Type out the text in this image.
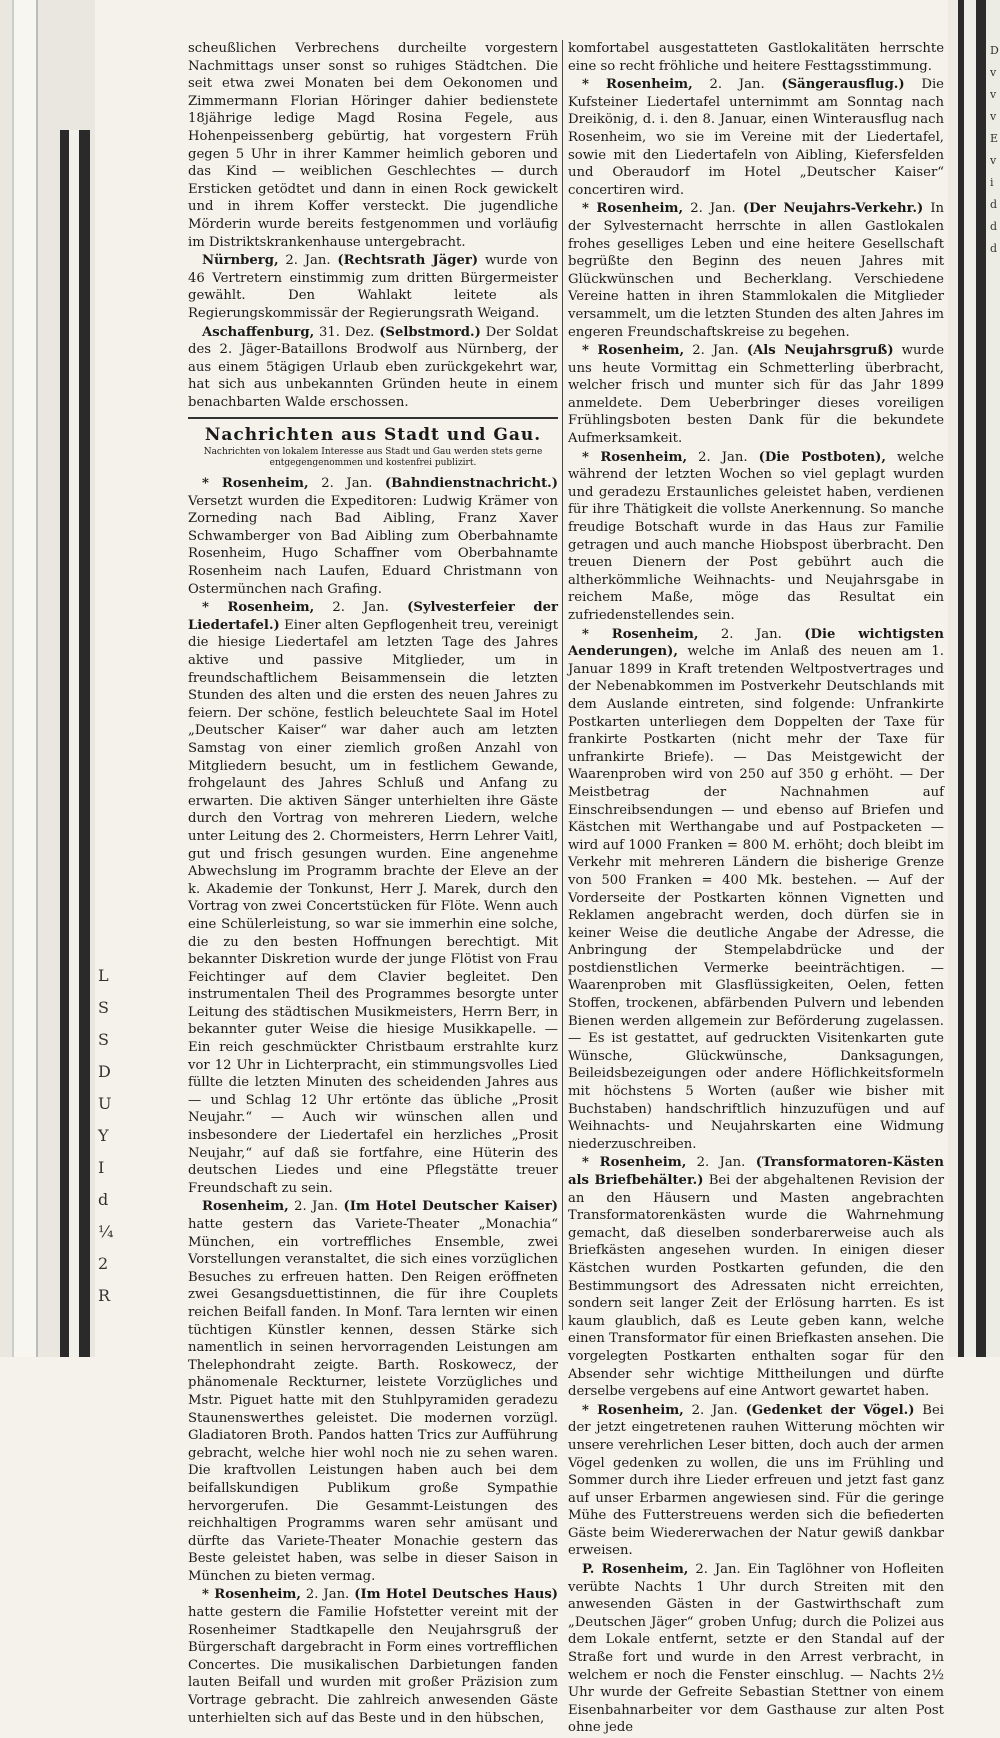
L
S
S
D
U
Y
I
d
¼
2
R
D
v
v
v
E
v
i
d
d
d

scheußlichen Verbrechens durcheilte vorgestern Nachmittags unser sonst so ruhiges Städtchen. Die seit etwa zwei Monaten bei dem Oekonomen und Zimmermann Florian Höringer dahier bedienstete 18jährige ledige Magd Rosina Fegele, aus Hohenpeissenberg gebürtig, hat vorgestern Früh gegen 5 Uhr in ihrer Kammer heimlich geboren und das Kind — weiblichen Geschlechtes — durch Ersticken getödtet und dann in einen Rock gewickelt und in ihrem Koffer versteckt. Die jugendliche Mörderin wurde bereits festgenommen und vorläufig im Distriktskrankenhause untergebracht.

Nürnberg, 2. Jan. (Rechtsrath Jäger) wurde von 46 Vertretern einstimmig zum dritten Bürgermeister gewählt. Den Wahlakt leitete als Regierungskommissär der Regierungsrath Weigand.

Aschaffenburg, 31. Dez. (Selbstmord.) Der Soldat des 2. Jäger-Bataillons Brodwolf aus Nürnberg, der aus einem 5tägigen Urlaub eben zurückgekehrt war, hat sich aus unbekannten Gründen heute in einem benachbarten Walde erschossen.

Nachrichten aus Stadt und Gau.
Nachrichten von lokalem Interesse aus Stadt und Gau werden stets gerne entgegengenommen und kostenfrei publizirt.

* Rosenheim, 2. Jan. (Bahndienstnachricht.) Versetzt wurden die Expeditoren: Ludwig Krämer von Zorneding nach Bad Aibling, Franz Xaver Schwamberger von Bad Aibling zum Oberbahnamte Rosenheim, Hugo Schaffner vom Oberbahnamte Rosenheim nach Laufen, Eduard Christmann von Ostermünchen nach Grafing.

* Rosenheim, 2. Jan. (Sylvesterfeier der Liedertafel.) Einer alten Gepflogenheit treu, vereinigt die hiesige Liedertafel am letzten Tage des Jahres aktive und passive Mitglieder, um in freundschaftlichem Beisammensein die letzten Stunden des alten und die ersten des neuen Jahres zu feiern. Der schöne, festlich beleuchtete Saal im Hotel „Deutscher Kaiser“ war daher auch am letzten Samstag von einer ziemlich großen Anzahl von Mitgliedern besucht, um in festlichem Gewande, frohgelaunt des Jahres Schluß und Anfang zu erwarten. Die aktiven Sänger unterhielten ihre Gäste durch den Vortrag von mehreren Liedern, welche unter Leitung des 2. Chormeisters, Herrn Lehrer Vaitl, gut und frisch gesungen wurden. Eine angenehme Abwechslung im Programm brachte der Eleve an der k. Akademie der Tonkunst, Herr J. Marek, durch den Vortrag von zwei Concertstücken für Flöte. Wenn auch eine Schülerleistung, so war sie immerhin eine solche, die zu den besten Hoffnungen berechtigt. Mit bekannter Diskretion wurde der junge Flötist von Frau Feichtinger auf dem Clavier begleitet. Den instrumentalen Theil des Programmes besorgte unter Leitung des städtischen Musikmeisters, Herrn Berr, in bekannter guter Weise die hiesige Musikkapelle. — Ein reich geschmückter Christbaum erstrahlte kurz vor 12 Uhr in Lichterpracht, ein stimmungsvolles Lied füllte die letzten Minuten des scheidenden Jahres aus — und Schlag 12 Uhr ertönte das übliche „Prosit Neujahr.“ — Auch wir wünschen allen und insbesondere der Liedertafel ein herzliches „Prosit Neujahr,“ auf daß sie fortfahre, eine Hüterin des deutschen Liedes und eine Pflegstätte treuer Freundschaft zu sein.

Rosenheim, 2. Jan. (Im Hotel Deutscher Kaiser) hatte gestern das Variete-Theater „Monachia“ München, ein vortreffliches Ensemble, zwei Vorstellungen veranstaltet, die sich eines vorzüglichen Besuches zu erfreuen hatten. Den Reigen eröffneten zwei Gesangsduettistinnen, die für ihre Couplets reichen Beifall fanden. In Monf. Tara lernten wir einen tüchtigen Künstler kennen, dessen Stärke sich namentlich in seinen hervorragenden Leistungen am Thelephondraht zeigte. Barth. Roskowecz, der phänomenale Reckturner, leistete Vorzügliches und Mstr. Piguet hatte mit den Stuhlpyramiden geradezu Staunenswerthes geleistet. Die modernen vorzügl. Gladiatoren Broth. Pandos hatten Trics zur Aufführung gebracht, welche hier wohl noch nie zu sehen waren. Die kraftvollen Leistungen haben auch bei dem beifallskundigen Publikum große Sympathie hervorgerufen. Die Gesammt-Leistungen des reichhaltigen Programms waren sehr amüsant und dürfte das Variete-Theater Monachie gestern das Beste geleistet haben, was selbe in dieser Saison in München zu bieten vermag.

* Rosenheim, 2. Jan. (Im Hotel Deutsches Haus) hatte gestern die Familie Hofstetter vereint mit der Rosenheimer Stadtkapelle den Neujahrsgruß der Bürgerschaft dargebracht in Form eines vortrefflichen Concertes. Die musikalischen Darbietungen fanden lauten Beifall und wurden mit großer Präzision zum Vortrage gebracht. Die zahlreich anwesenden Gäste unterhielten sich auf das Beste und in den hübschen,

komfortabel ausgestatteten Gastlokalitäten herrschte eine so recht fröhliche und heitere Festtagsstimmung.

* Rosenheim, 2. Jan. (Sängerausflug.) Die Kufsteiner Liedertafel unternimmt am Sonntag nach Dreikönig, d. i. den 8. Januar, einen Winterausflug nach Rosenheim, wo sie im Vereine mit der Liedertafel, sowie mit den Liedertafeln von Aibling, Kiefersfelden und Oberaudorf im Hotel „Deutscher Kaiser“ concertiren wird.

* Rosenheim, 2. Jan. (Der Neujahrs-Verkehr.) In der Sylvesternacht herrschte in allen Gastlokalen frohes geselliges Leben und eine heitere Gesellschaft begrüßte den Beginn des neuen Jahres mit Glückwünschen und Becherklang. Verschiedene Vereine hatten in ihren Stammlokalen die Mitglieder versammelt, um die letzten Stunden des alten Jahres im engeren Freundschaftskreise zu begehen.

* Rosenheim, 2. Jan. (Als Neujahrsgruß) wurde uns heute Vormittag ein Schmetterling überbracht, welcher frisch und munter sich für das Jahr 1899 anmeldete. Dem Ueberbringer dieses voreiligen Frühlingsboten besten Dank für die bekundete Aufmerksamkeit.

* Rosenheim, 2. Jan. (Die Postboten), welche während der letzten Wochen so viel geplagt wurden und geradezu Erstaunliches geleistet haben, verdienen für ihre Thätigkeit die vollste Anerkennung. So manche freudige Botschaft wurde in das Haus zur Familie getragen und auch manche Hiobspost überbracht. Den treuen Dienern der Post gebührt auch die altherkömmliche Weihnachts- und Neujahrsgabe in reichem Maße, möge das Resultat ein zufriedenstellendes sein.

* Rosenheim, 2. Jan. (Die wichtigsten Aenderungen), welche im Anlaß des neuen am 1. Januar 1899 in Kraft tretenden Weltpostvertrages und der Nebenabkommen im Postverkehr Deutschlands mit dem Auslande eintreten, sind folgende: Unfrankirte Postkarten unterliegen dem Doppelten der Taxe für frankirte Postkarten (nicht mehr der Taxe für unfrankirte Briefe). — Das Meistgewicht der Waarenproben wird von 250 auf 350 g erhöht. — Der Meistbetrag der Nachnahmen auf Einschreibsendungen — und ebenso auf Briefen und Kästchen mit Werthangabe und auf Postpacketen — wird auf 1000 Franken = 800 M. erhöht; doch bleibt im Verkehr mit mehreren Ländern die bisherige Grenze von 500 Franken = 400 Mk. bestehen. — Auf der Vorderseite der Postkarten können Vignetten und Reklamen angebracht werden, doch dürfen sie in keiner Weise die deutliche Angabe der Adresse, die Anbringung der Stempelabdrücke und der postdienstlichen Vermerke beeinträchtigen. — Waarenproben mit Glasflüssigkeiten, Oelen, fetten Stoffen, trockenen, abfärbenden Pulvern und lebenden Bienen werden allgemein zur Beförderung zugelassen. — Es ist gestattet, auf gedruckten Visitenkarten gute Wünsche, Glückwünsche, Danksagungen, Beileidsbezeigungen oder andere Höflichkeitsformeln mit höchstens 5 Worten (außer wie bisher mit Buchstaben) handschriftlich hinzuzufügen und auf Weihnachts- und Neujahrskarten eine Widmung niederzuschreiben.

* Rosenheim, 2. Jan. (Transformatoren-Kästen als Briefbehälter.) Bei der abgehaltenen Revision der an den Häusern und Masten angebrachten Transformatorenkästen wurde die Wahrnehmung gemacht, daß dieselben sonderbarerweise auch als Briefkästen angesehen wurden. In einigen dieser Kästchen wurden Postkarten gefunden, die den Bestimmungsort des Adressaten nicht erreichten, sondern seit langer Zeit der Erlösung harrten. Es ist kaum glaublich, daß es Leute geben kann, welche einen Transformator für einen Briefkasten ansehen. Die vorgelegten Postkarten enthalten sogar für den Absender sehr wichtige Mittheilungen und dürfte derselbe vergebens auf eine Antwort gewartet haben.

* Rosenheim, 2. Jan. (Gedenket der Vögel.) Bei der jetzt eingetretenen rauhen Witterung möchten wir unsere verehrlichen Leser bitten, doch auch der armen Vögel gedenken zu wollen, die uns im Frühling und Sommer durch ihre Lieder erfreuen und jetzt fast ganz auf unser Erbarmen angewiesen sind. Für die geringe Mühe des Futterstreuens werden sich die befiederten Gäste beim Wiedererwachen der Natur gewiß dankbar erweisen.

P. Rosenheim, 2. Jan. Ein Taglöhner von Hofleiten verübte Nachts 1 Uhr durch Streiten mit den anwesenden Gästen in der Gastwirthschaft zum „Deutschen Jäger“ groben Unfug; durch die Polizei aus dem Lokale entfernt, setzte er den Standal auf der Straße fort und wurde in den Arrest verbracht, in welchem er noch die Fenster einschlug. — Nachts 2½ Uhr wurde der Gefreite Sebastian Stettner von einem Eisenbahnarbeiter vor dem Gasthause zur alten Post ohne jede
